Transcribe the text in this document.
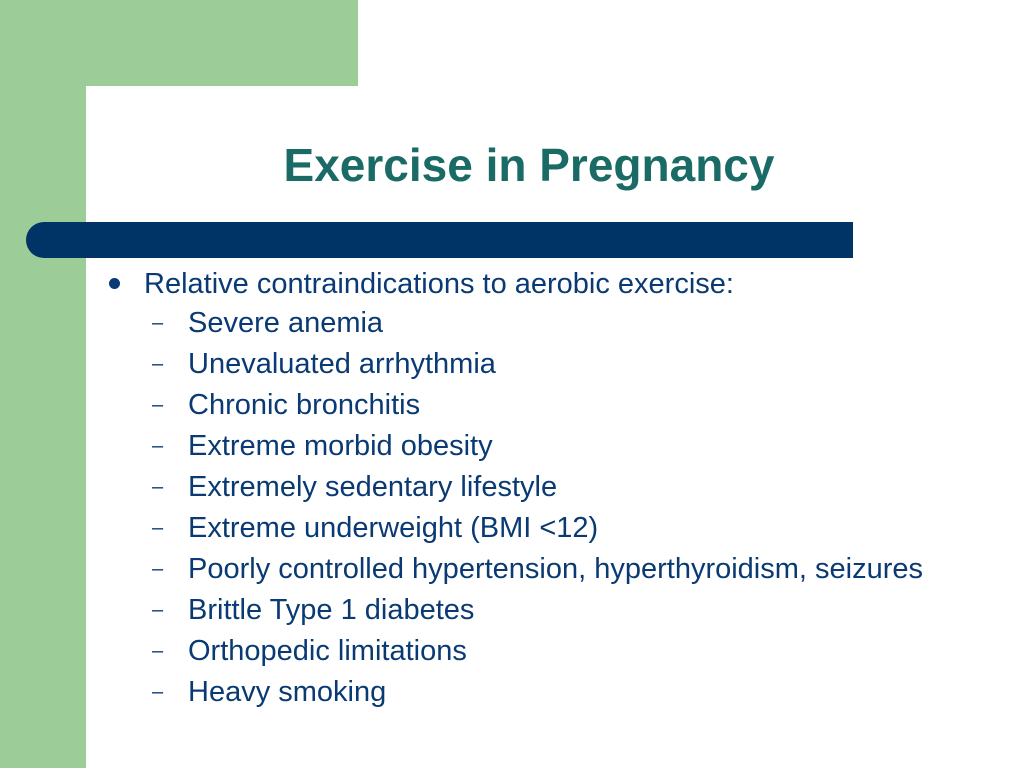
Exercise in Pregnancy
Relative contraindications to aerobic exercise:
– Severe anemia
– Unevaluated arrhythmia
– Chronic bronchitis
– Extreme morbid obesity
– Extremely sedentary lifestyle
– Extreme underweight (BMI <12)
– Poorly controlled hypertension, hyperthyroidism, seizures
– Brittle Type 1 diabetes
– Orthopedic limitations
– Heavy smoking
